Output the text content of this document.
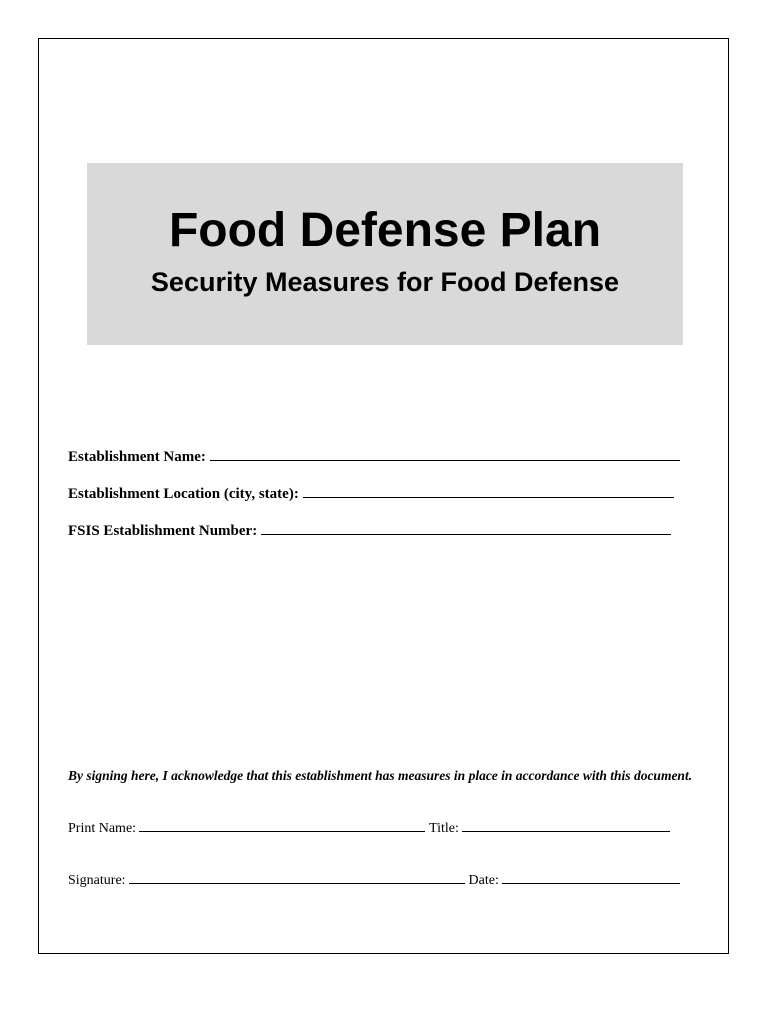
Food Defense Plan
Security Measures for Food Defense
Establishment Name:
Establishment Location (city, state):
FSIS Establishment Number:
By signing here, I acknowledge that this establishment has measures in place in accordance with this document.
Print Name:	Title:
Signature:	Date:
